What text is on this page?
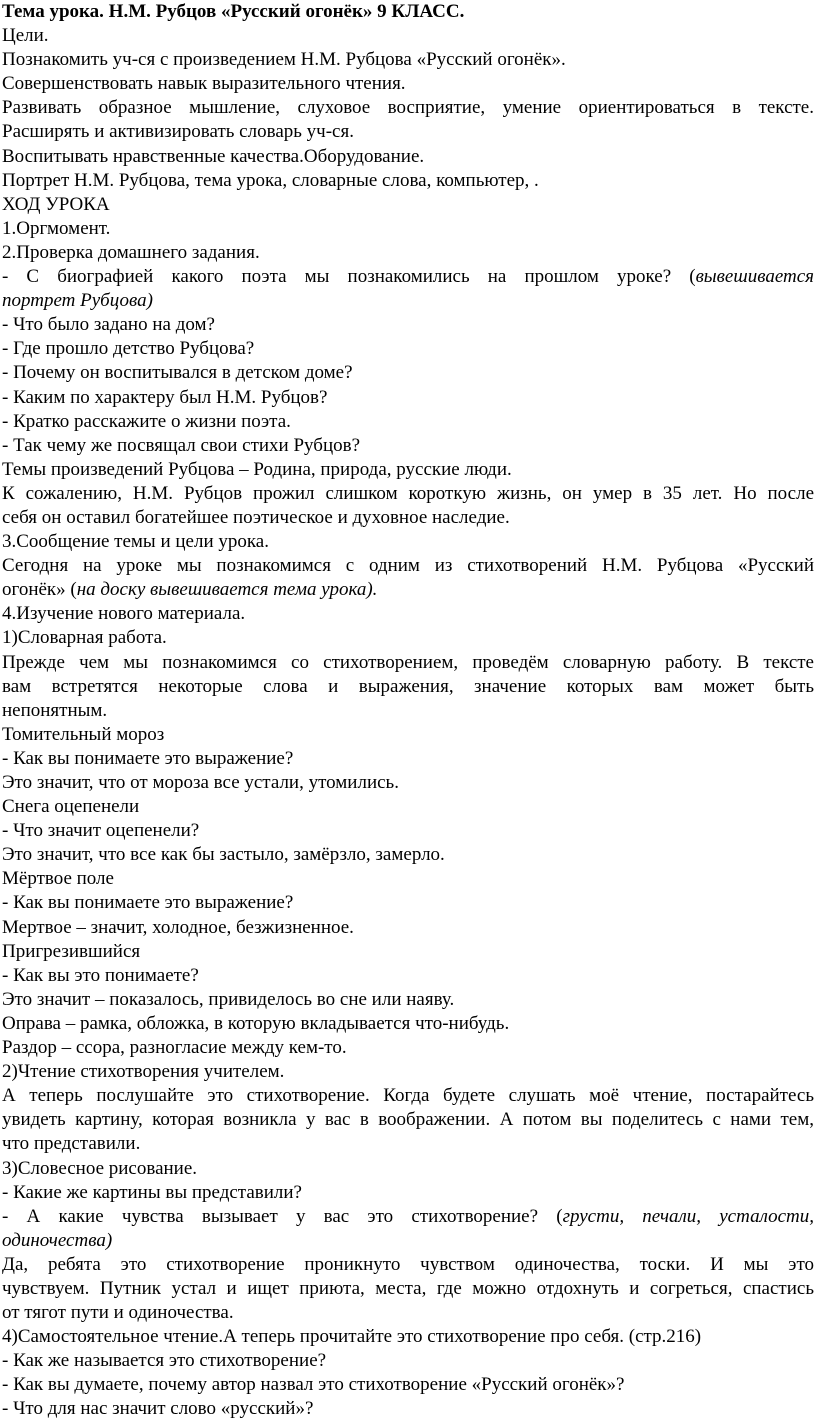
Тема урока. Н.М. Рубцов «Русский огонёк» 9 КЛАСС.

Цели.

Познакомить уч-ся с произведением Н.М. Рубцова «Русский огонёк».

Совершенствовать навык выразительного чтения.

Развивать образное мышление, слуховое восприятие, умение ориентироваться в тексте.

Расширять и активизировать словарь уч-ся.

Воспитывать нравственные качества.Оборудование.

Портрет Н.М. Рубцова, тема урока, словарные слова, компьютер, .

ХОД УРОКА

1.Оргмомент.

2.Проверка домашнего задания.

- С биографией какого поэта мы познакомились на прошлом уроке? (вывешивается

портрет Рубцова)

- Что было задано на дом?

- Где прошло детство Рубцова?

- Почему он воспитывался в детском доме?

- Каким по характеру был Н.М. Рубцов?

- Кратко расскажите о жизни поэта.

- Так чему же посвящал свои стихи Рубцов?

Темы произведений Рубцова – Родина, природа, русские люди.

К сожалению, Н.М. Рубцов прожил слишком короткую жизнь, он умер в 35 лет. Но после

себя он оставил богатейшее поэтическое и духовное наследие.

3.Сообщение темы и цели урока.

Сегодня на уроке мы познакомимся с одним из стихотворений Н.М. Рубцова «Русский

огонёк» (на доску вывешивается тема урока).

4.Изучение нового материала.

1)Словарная работа.

Прежде чем мы познакомимся со стихотворением, проведём словарную работу. В тексте

вам встретятся некоторые слова и выражения, значение которых вам может быть

непонятным.

Томительный мороз

- Как вы понимаете это выражение?

Это значит, что от мороза все устали, утомились.

Снега оцепенели

- Что значит оцепенели?

Это значит, что все как бы застыло, замёрзло, замерло.

Мёртвое поле

- Как вы понимаете это выражение?

Мертвое – значит, холодное, безжизненное.

Пригрезившийся

- Как вы это понимаете?

Это значит – показалось, привиделось во сне или наяву.

Оправа – рамка, обложка, в которую вкладывается что-нибудь.

Раздор – ссора, разногласие между кем-то.

2)Чтение стихотворения учителем.

А теперь послушайте это стихотворение. Когда будете слушать моё чтение, постарайтесь

увидеть картину, которая возникла у вас в воображении. А потом вы поделитесь с нами тем,

что представили.

3)Словесное рисование.

- Какие же картины вы представили?

- А какие чувства вызывает у вас это стихотворение? (грусти, печали, усталости,

одиночества)

Да, ребята это стихотворение проникнуто чувством одиночества, тоски. И мы это

чувствуем. Путник устал и ищет приюта, места, где можно отдохнуть и согреться, спастись

от тягот пути и одиночества.

4)Самостоятельное чтение.А теперь прочитайте это стихотворение про себя. (стр.216)

- Как же называется это стихотворение?

- Как вы думаете, почему автор назвал это стихотворение «Русский огонёк»?

- Что для нас значит слово «русский»?
